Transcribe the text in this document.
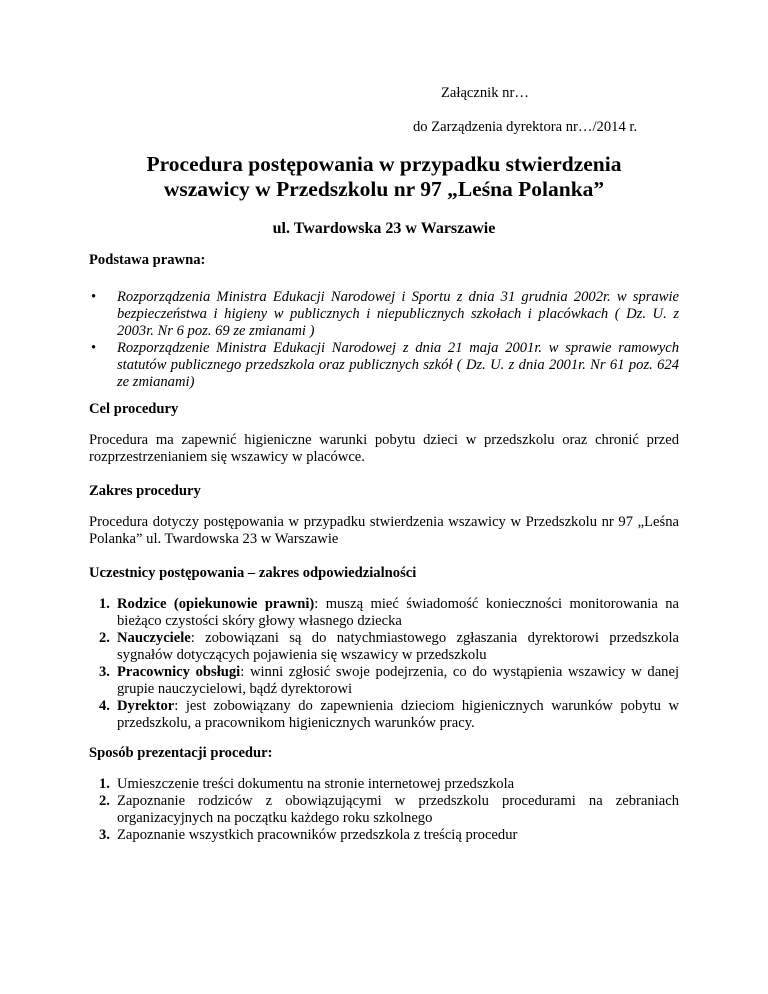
Załącznik nr…
do Zarządzenia dyrektora nr…/2014 r.
Procedura postępowania w przypadku stwierdzenia
wszawicy w Przedszkolu nr 97 „Leśna Polanka”
ul. Twardowska 23 w Warszawie
Podstawa prawna:
• Rozporządzenia Ministra Edukacji Narodowej i Sportu z dnia 31 grudnia 2002r. w sprawie bezpieczeństwa i higieny w publicznych i niepublicznych szkołach i placówkach ( Dz. U. z 2003r. Nr 6 poz. 69 ze zmianami )
• Rozporządzenie Ministra Edukacji Narodowej z dnia 21 maja 2001r. w sprawie ramowych statutów publicznego przedszkola oraz publicznych szkół ( Dz. U. z dnia 2001r. Nr 61 poz. 624 ze zmianami)
Cel procedury
Procedura ma zapewnić higieniczne warunki pobytu dzieci w przedszkolu oraz chronić przed rozprzestrzenianiem się wszawicy w placówce.
Zakres procedury
Procedura dotyczy postępowania w przypadku stwierdzenia wszawicy w Przedszkolu nr 97 „Leśna Polanka” ul. Twardowska 23 w Warszawie
Uczestnicy postępowania – zakres odpowiedzialności
1. Rodzice (opiekunowie prawni): muszą mieć świadomość konieczności monitorowania na bieżąco czystości skóry głowy własnego dziecka
2. Nauczyciele: zobowiązani są do natychmiastowego zgłaszania dyrektorowi przedszkola sygnałów dotyczących pojawienia się wszawicy w przedszkolu
3. Pracownicy obsługi: winni zgłosić swoje podejrzenia, co do wystąpienia wszawicy w danej grupie nauczycielowi, bądź dyrektorowi
4. Dyrektor: jest zobowiązany do zapewnienia dzieciom higienicznych warunków pobytu w przedszkolu, a pracownikom higienicznych warunków pracy.
Sposób prezentacji procedur:
1. Umieszczenie treści dokumentu na stronie internetowej przedszkola
2. Zapoznanie rodziców z obowiązującymi w przedszkolu procedurami na zebraniach organizacyjnych na początku każdego roku szkolnego
3. Zapoznanie wszystkich pracowników przedszkola z treścią procedur
